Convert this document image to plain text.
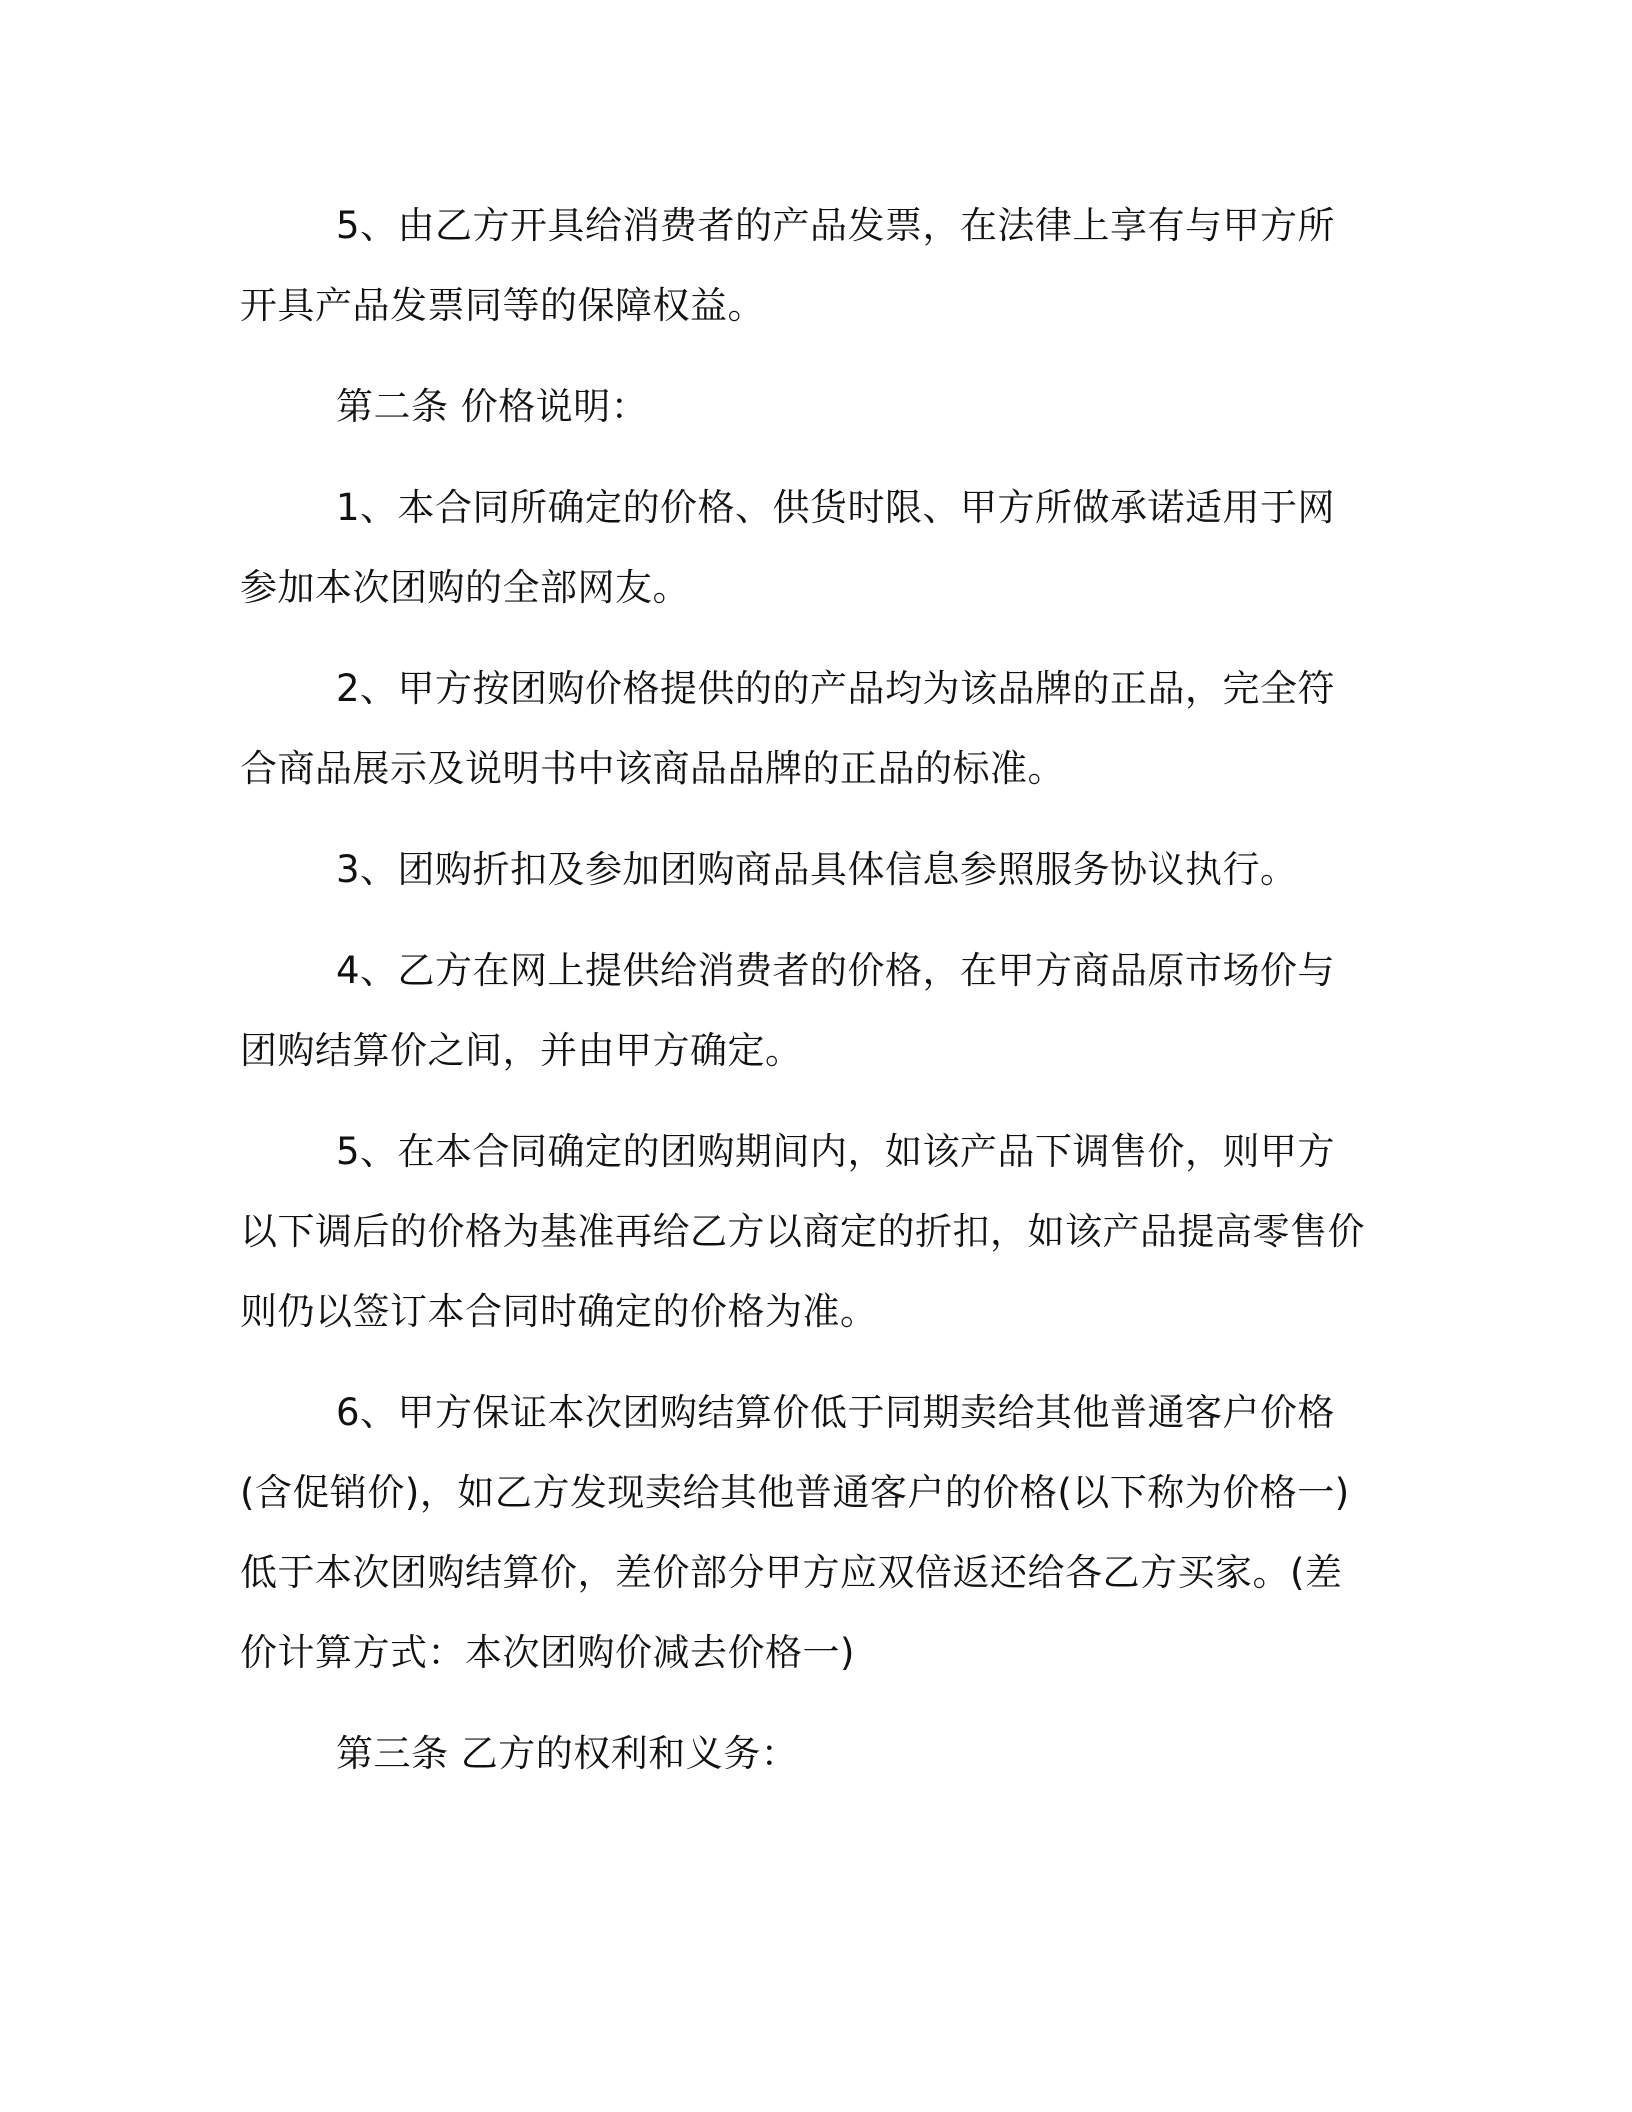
5、由乙方开具给消费者的产品发票，在法律上享有与甲方所开具产品发票同等的保障权益。

第二条 价格说明：

1、本合同所确定的价格、供货时限、甲方所做承诺适用于网参加本次团购的全部网友。

2、甲方按团购价格提供的的产品均为该品牌的正品，完全符合商品展示及说明书中该商品品牌的正品的标准。

3、团购折扣及参加团购商品具体信息参照服务协议执行。

4、乙方在网上提供给消费者的价格，在甲方商品原市场价与团购结算价之间，并由甲方确定。

5、在本合同确定的团购期间内，如该产品下调售价，则甲方以下调后的价格为基准再给乙方以商定的折扣，如该产品提高零售价则仍以签订本合同时确定的价格为准。

6、甲方保证本次团购结算价低于同期卖给其他普通客户价格(含促销价)，如乙方发现卖给其他普通客户的价格(以下称为价格一)低于本次团购结算价，差价部分甲方应双倍返还给各乙方买家。(差价计算方式：本次团购价减去价格一)

第三条 乙方的权利和义务：
